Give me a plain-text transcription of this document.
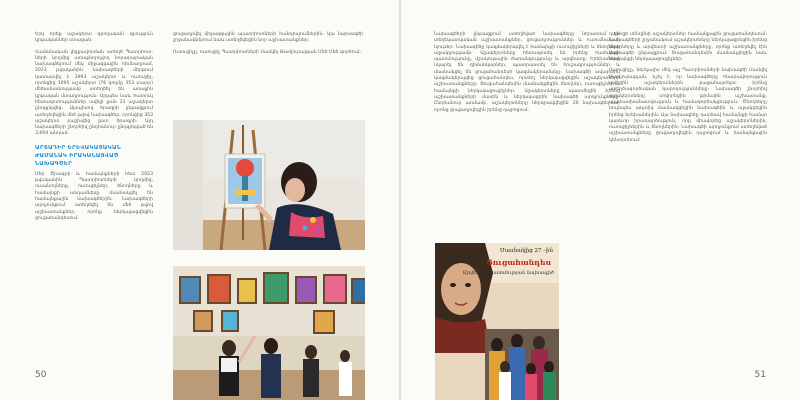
Երկ երեք աշակերտ գրողական գրություն կրթականներ ստացան։

Համանական լիցքավորման ստեղծ Պատրիոտների կողմից առաջնորդվող նորարարական նախագծերում մեկ միջազգային հիմնադրամ, 2023 թվականին նախագծերի մերթում կատարվել է 3993 աշակերտ և ուսուցիչ, որոնցից 1095 աշակերտ (76 կողմը 353 տարր) մեծամասնությամբ ստեղծել են առաջին կրթական մտադրություն։ Այդպես նաև հատուկ հետազոտություններ ավելի քան 21 աշակերտ ընդգրկվեց։ Այսպիսով ծրագրի ընթացքում ստեղծվեցին մեծ թվով նախագծեր, որոնցից 353 աշակերտ բաշխվեց ըստ ծրագրի։ Այդ նախագծերի շնորհիվ ընդհանուր ընդգրկված են 3,694 անդամ։

ԱՐՏԱԴԻՐ ԵՐԵՎԱԿԱՅԱԿԱՆ ԺԱՄԱՆԱԿ ԻՐԱԿԱՆԱՑՎԱԾ ՆԱԽԱԳԾԵՐ

Մեր Ծրագրի և համայնքների հետ 2023 թվականին Պատրիոտների կողմից, ուսանողները, ուսուցիչներ, ծնողները և համայնքի անդամները մասնակցել են համայնքային նախագծերին։ Նախագծերի արդյունքում ստեղծվել են մեծ թվով աշխատանքներ, որոնք ներկայացվեցին ցուցահանդեսում։

ցուցադրվել միջազգային պատրիոտների հանդիպումներին։ Այս նախագծի շրջանակներում նաև ստեղծվեցին նոր աշխատանքներ։

Ուսուցիչը, ուսուցիչ Պատրիոտների Սամվել Թամլուրաթյան Մեծ Մեծ գործում։

50

Նախագծերի ընթացքում ստեղծված նախագծերը ներառում են տեղեկատվական աշխատանքներ, ցուցադրություններ և ուսումնական նյութեր։ Նախագիծը կազմակերպվել է համայնքի ուսուցիչների և ծնողների աջակցությամբ։ Աշակերտները հետազոտել են իրենց համայնքի պատմությունը, մշակութային ժառանգությունը և արվեստը։ Երեխաները նկարել են դիմանկարներ, պատրաստել են հուշագրություններ և մասնակցել են ցուցահանդեսի կազմակերպմանը։ Նախագծի ավարտին կազմակերպվեց ցուցահանդես, որտեղ ներկայացվեցին աշակերտների աշխատանքները։ Ցուցահանդեսին մասնակցեցին ծնողներ, ուսուցիչներ և համայնքի ներկայացուցիչներ։ Աշակերտները պատմեցին իրենց աշխատանքների մասին և ներկայացրին նախագծի արդյունքները։ Ընդհանուր առմամբ, աշակերտները ներգրավվեցին 20 նախագծերում, որոնց ցուցադրվեցին իրենց դպրոցում։

դպրոցի սենդինի աշակերտներ համայնքային ցուցահանդեսում։ Նախագծերի շրջանակում աշակերտները ներկայացրեցին իրենց նկարները և արվեստի աշխատանքները, որոնք ստեղծվել էին նախագծի ընթացքում։ Ցուցահանդեսին մասնակցեցին նաև համայնքի ներկայացուցիչներ։

Ուսուցիչը, ներկայիս մեկ այլ Պատրիոտների նախագծի Սամվել Թամլուրաթյան, նշել է, որ նախագծերը հնարավորություն տվեցին աշակերտներին բացահայտելու իրենց ստեղծագործական կարողությունները։ Նախագծի շնորհիվ աշակերտները սովորեցին թիմային աշխատանք, պատասխանատվություն և համագործակցություն։ Ծնողները նույնպես ակտիվ մասնակցեցին նախագծին և աջակցեցին իրենց երեխաներին։ Այս նախագիծը դարձավ համայնքի համար կարևոր իրադարձություն, որը միավորեց աշակերտներին, ուսուցիչներին և ծնողներին։ Նախագծի արդյունքում ստեղծված աշխատանքները ցուցադրվեցին դպրոցում և համայնքային կենտրոնում։

Մասնակից 27 –ին
Ցուցահանդես
Արվեստի պատմության նախագիծ
51
